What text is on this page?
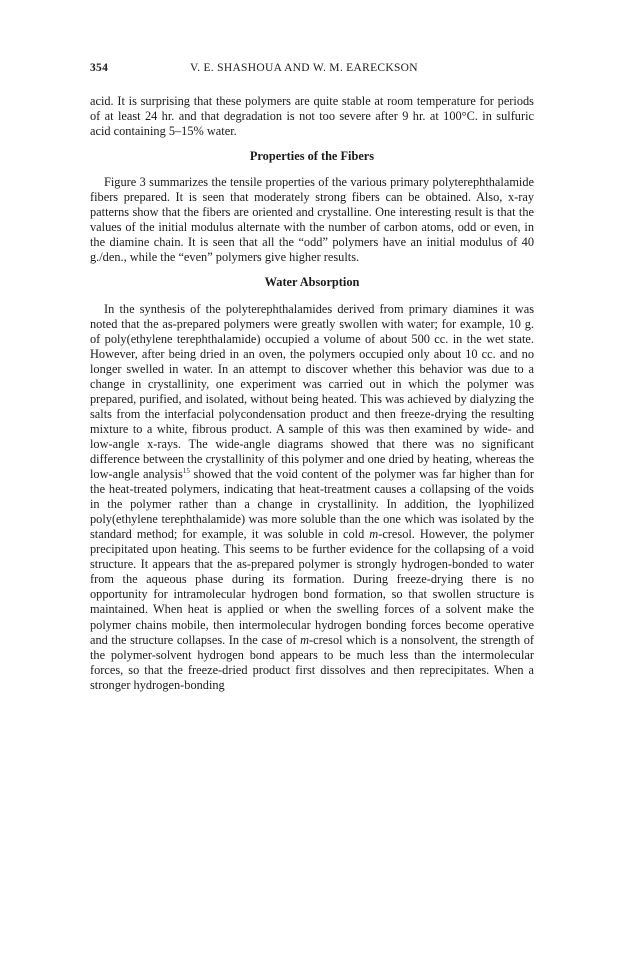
354	V. E. SHASHOUA AND W. M. EARECKSON

acid. It is surprising that these polymers are quite stable at room temperature for periods of at least 24 hr. and that degradation is not too severe after 9 hr. at 100°C. in sulfuric acid containing 5–15% water.

Properties of the Fibers

Figure 3 summarizes the tensile properties of the various primary polyterephthalamide fibers prepared. It is seen that moderately strong fibers can be obtained. Also, x-ray patterns show that the fibers are oriented and crystalline. One interesting result is that the values of the initial modulus alternate with the number of carbon atoms, odd or even, in the diamine chain. It is seen that all the “odd” polymers have an initial modulus of 40 g./den., while the “even” polymers give higher results.

Water Absorption

In the synthesis of the polyterephthalamides derived from primary diamines it was noted that the as-prepared polymers were greatly swollen with water; for example, 10 g. of poly(ethylene terephthalamide) occupied a volume of about 500 cc. in the wet state. However, after being dried in an oven, the polymers occupied only about 10 cc. and no longer swelled in water. In an attempt to discover whether this behavior was due to a change in crystallinity, one experiment was carried out in which the polymer was prepared, purified, and isolated, without being heated. This was achieved by dialyzing the salts from the interfacial polycondensation product and then freeze-drying the resulting mixture to a white, fibrous product. A sample of this was then examined by wide- and low-angle x-rays. The wide-angle diagrams showed that there was no significant difference between the crystallinity of this polymer and one dried by heating, whereas the low-angle analysis$^{15}$ showed that the void content of the polymer was far higher than for the heat-treated polymers, indicating that heat-treatment causes a collapsing of the voids in the polymer rather than a change in crystallinity. In addition, the lyophilized poly(ethylene terephthalamide) was more soluble than the one which was isolated by the standard method; for example, it was soluble in cold m-cresol. However, the polymer precipitated upon heating. This seems to be further evidence for the collapsing of a void structure. It appears that the as-prepared polymer is strongly hydrogen-bonded to water from the aqueous phase during its formation. During freeze-drying there is no opportunity for intramolecular hydrogen bond formation, so that swollen structure is maintained. When heat is applied or when the swelling forces of a solvent make the polymer chains mobile, then intermolecular hydrogen bonding forces become operative and the structure collapses. In the case of m-cresol which is a nonsolvent, the strength of the polymer-solvent hydrogen bond appears to be much less than the intermolecular forces, so that the freeze-dried product first dissolves and then reprecipitates. When a stronger hydrogen-bonding
